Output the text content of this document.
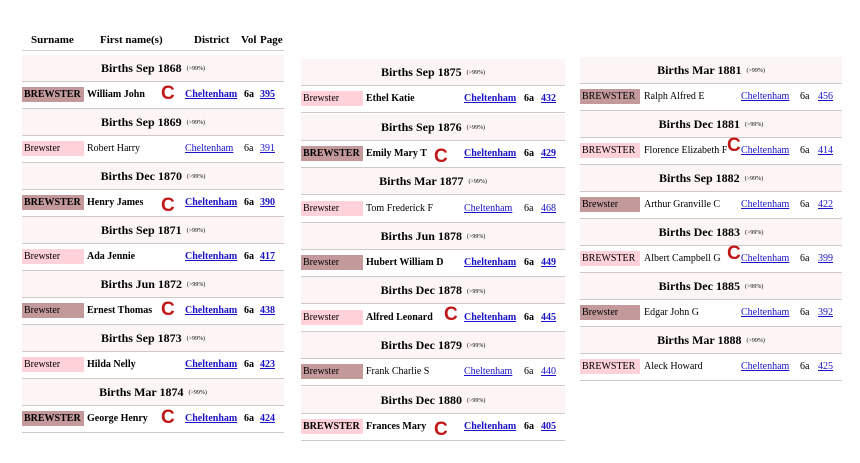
Surname First name(s)	District Vol Page
Births Sep 1868 (>99%)
BREWSTER William John	Cheltenham 6a 395
C
Births Sep 1869 (>99%)
Brewster	Robert Harry	Cheltenham 6a 391
Births Dec 1870 (>99%)
BREWSTER Henry James	Cheltenham 6a 390
C
Births Sep 1871 (>99%)
Brewster	Ada Jennie	Cheltenham 6a 417
Births Jun 1872 (>99%)
Brewster	Ernest Thomas	Cheltenham 6a 438
C
Births Sep 1873 (>99%)
Brewster	Hilda Nelly	Cheltenham 6a 423
Births Mar 1874 (>99%)
BREWSTER George Henry	Cheltenham 6a 424
C
Births Sep 1875 (>99%)
Brewster	Ethel Katie	Cheltenham 6a 432
Births Sep 1876 (>99%)
BREWSTER Emily Mary T	Cheltenham 6a 429
C
Births Mar 1877 (>99%)
Brewster	Tom Frederick F	Cheltenham 6a 468
Births Jun 1878 (>99%)
Brewster	Hubert William D Cheltenham 6a 449
Births Dec 1878 (>99%)
Brewster	Alfred Leonard	Cheltenham 6a 445
C
Births Dec 1879 (>99%)
Brewster	Frank Charlie S	Cheltenham 6a 440
Births Dec 1880 (>99%)
BREWSTER Frances Mary	Cheltenham 6a 405
C
Births Mar 1881 (>99%)
BREWSTER Ralph Alfred E	Cheltenham 6a 456
Births Dec 1881 (>99%)
BREWSTER Florence Elizabeth F Cheltenham 6a 414
C
Births Sep 1882 (>99%)
Brewster	Arthur Granville C Cheltenham 6a 422
Births Dec 1883 (>99%)
BREWSTER Albert Campbell G Cheltenham 6a 399
C
Births Dec 1885 (>99%)
Brewster	Edgar John G	Cheltenham 6a 392
Births Mar 1888 (>99%)
BREWSTER Aleck Howard	Cheltenham 6a 425
